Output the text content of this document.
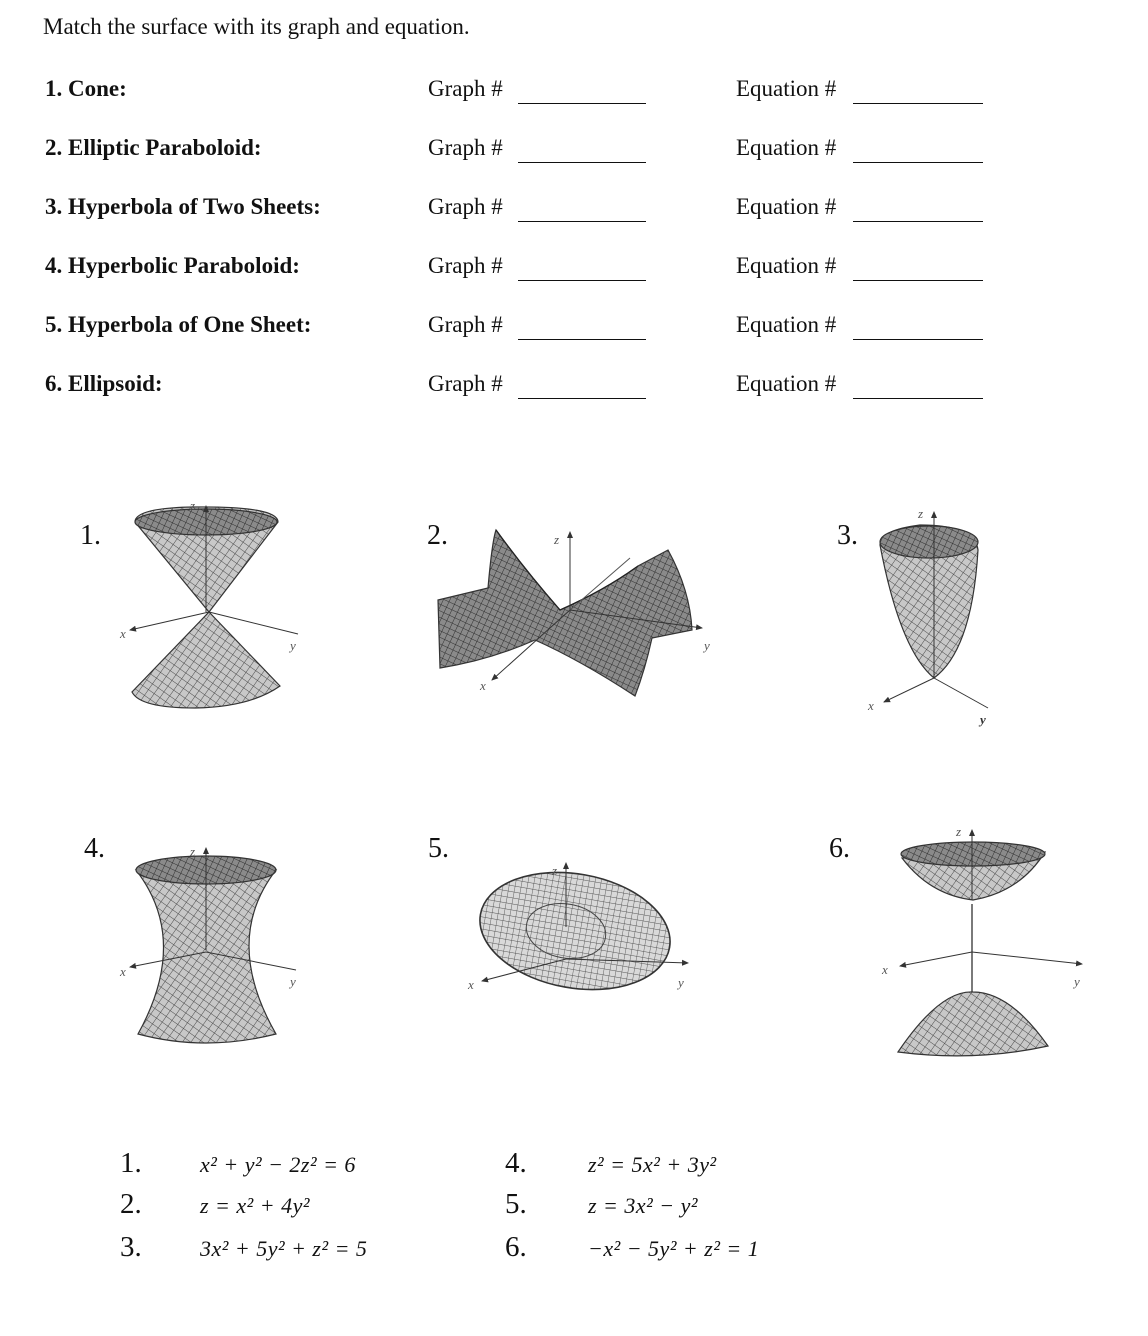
Match the surface with its graph and equation.
1. Cone:	Graph #	Equation #
2. Elliptic Paraboloid:	Graph #	Equation #
3. Hyperbola of Two Sheets:	Graph #	Equation #
4. Hyperbolic Paraboloid:	Graph #	Equation #
5. Hyperbola of One Sheet:	Graph #	Equation #
6. Ellipsoid:	Graph #	Equation #
1.	2.	3.
4.	5.	6.
z
x
y
z
x
y
z
x
y
z
x
y
z
x	y
z
x
y
1.	x² + y² − 2z² = 6
2.	z = x² + 4y²
3.	3x² + 5y² + z² = 5
4.	z² = 5x² + 3y²
5.	z = 3x² − y²
6.	−x² − 5y² + z² = 1
